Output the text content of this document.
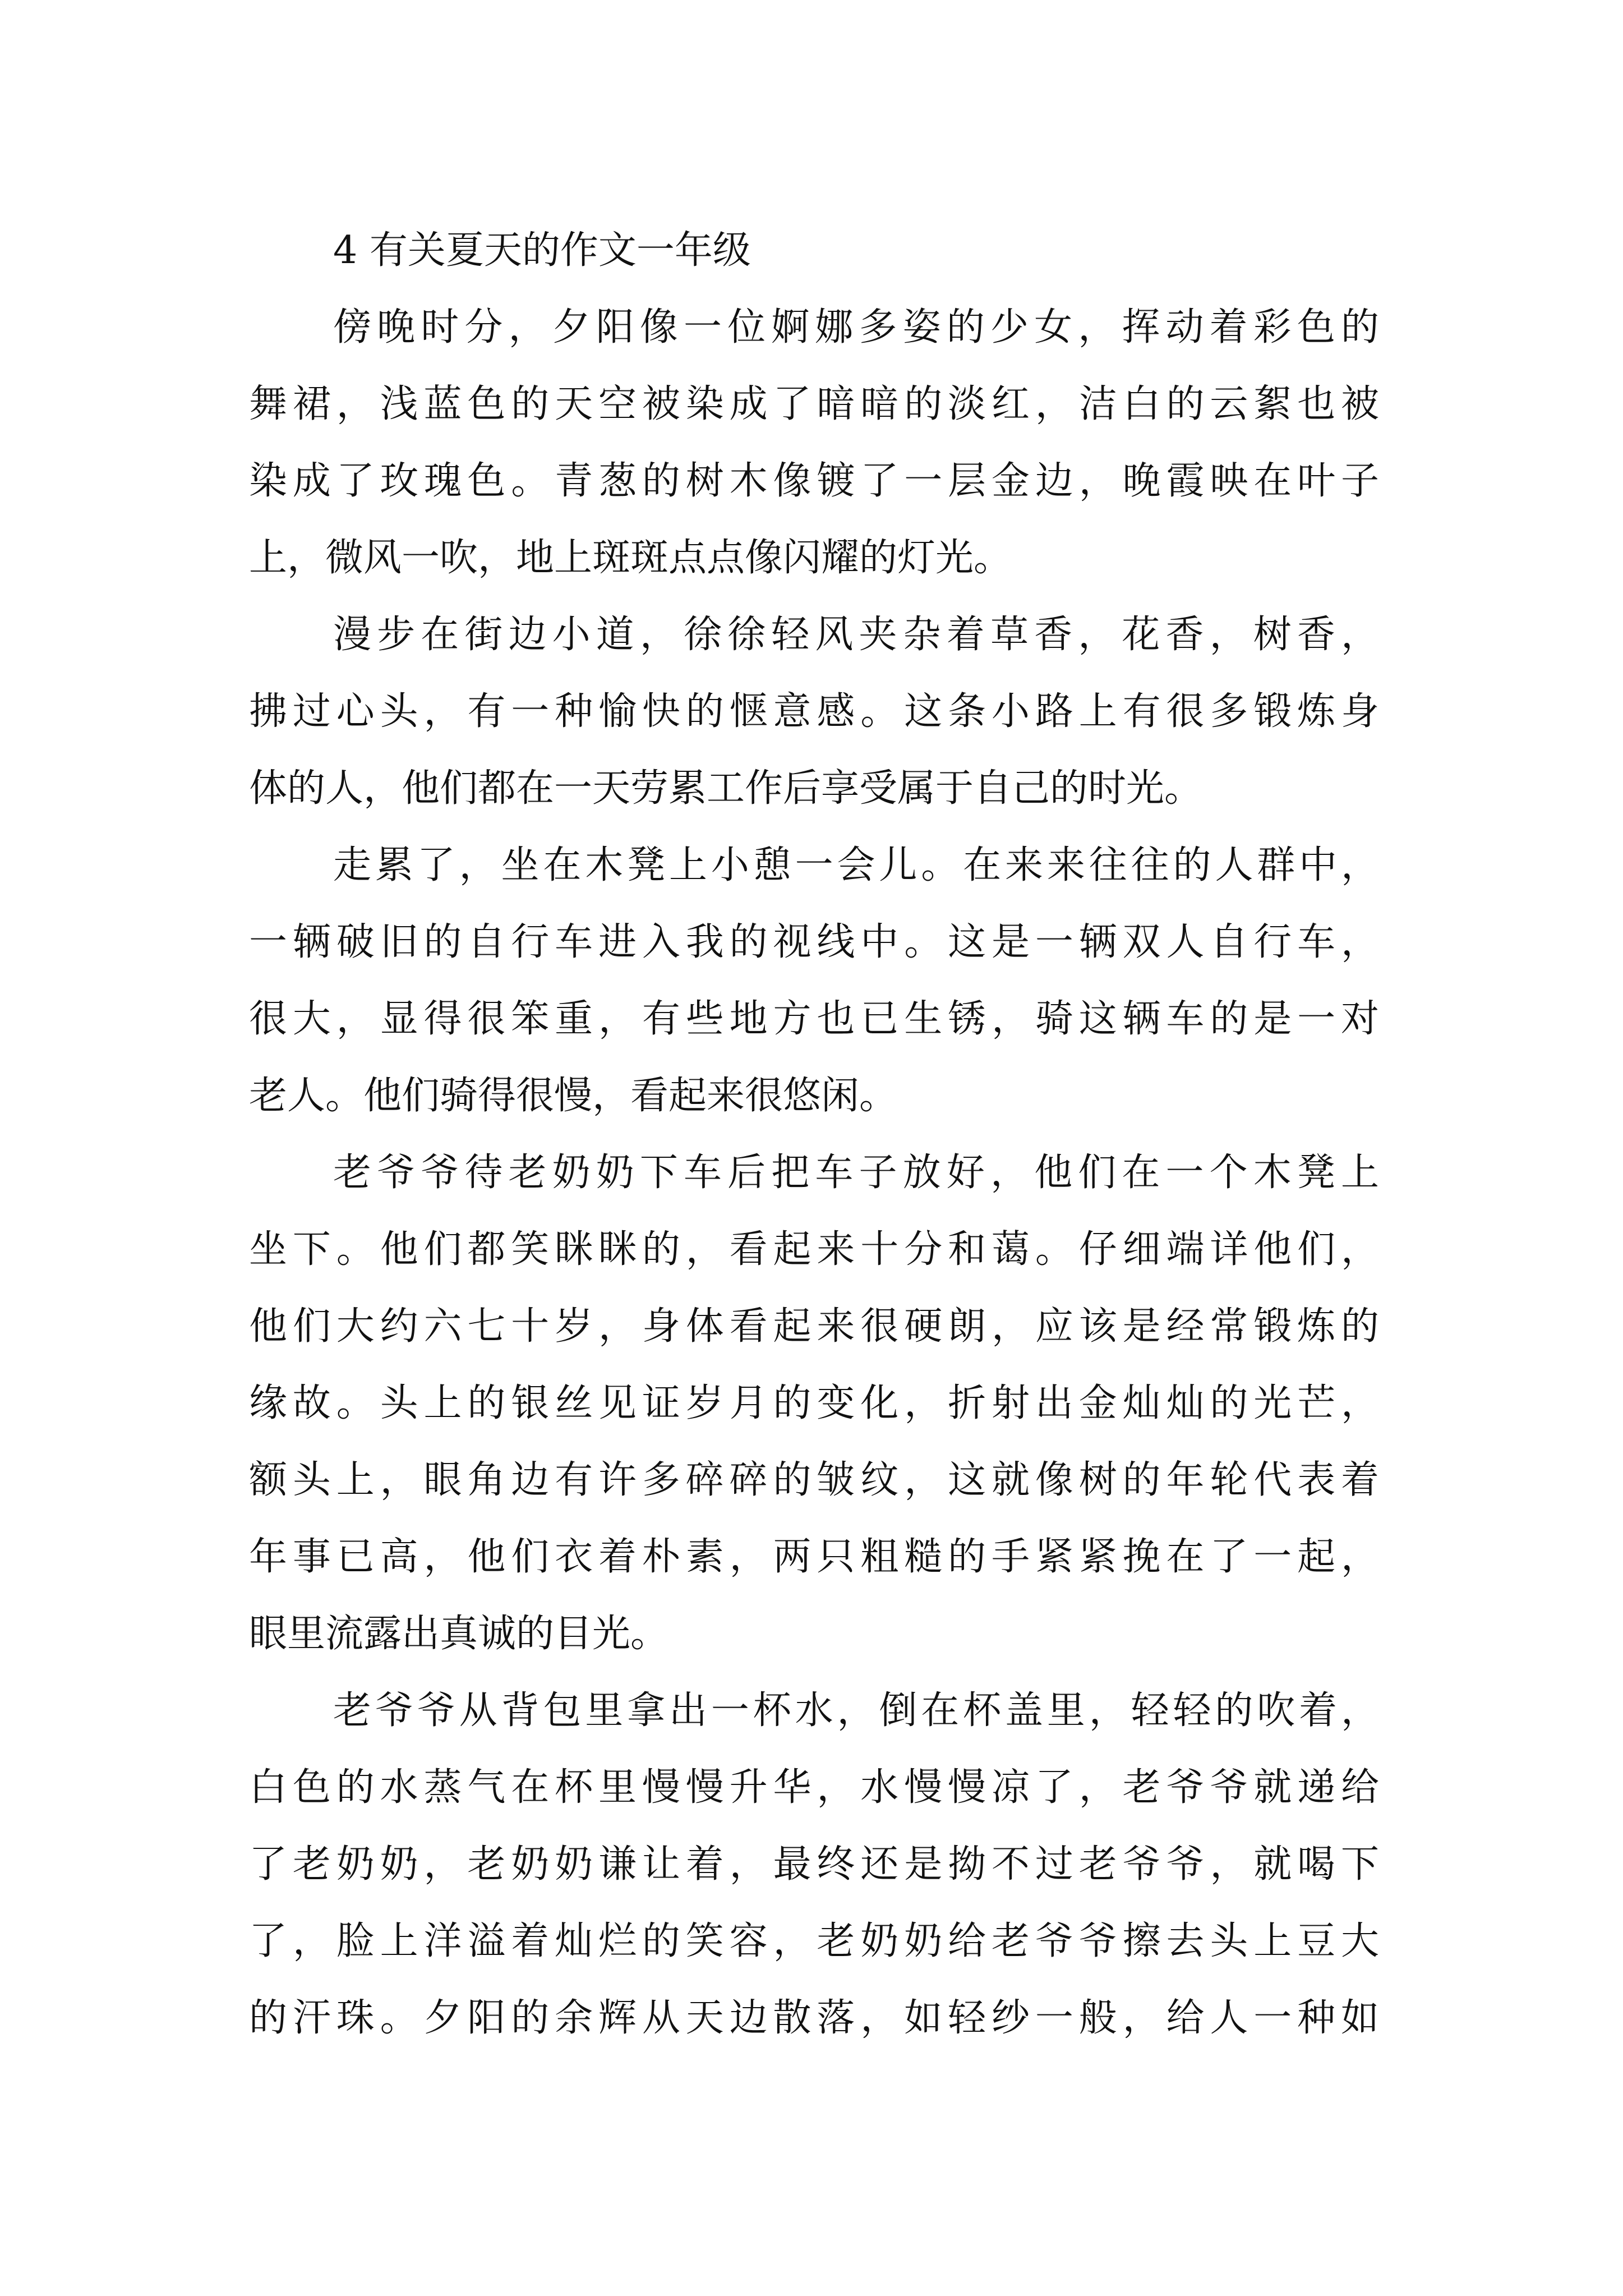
4 有关夏天的作文一年级
傍晚时分，夕阳像一位婀娜多姿的少女，挥动着彩色的
舞裙，浅蓝色的天空被染成了暗暗的淡红，洁白的云絮也被
染成了玫瑰色。青葱的树木像镀了一层金边，晚霞映在叶子
上，微风一吹，地上斑斑点点像闪耀的灯光。
漫步在街边小道，徐徐轻风夹杂着草香，花香，树香，
拂过心头，有一种愉快的惬意感。这条小路上有很多锻炼身
体的人，他们都在一天劳累工作后享受属于自己的时光。
走累了，坐在木凳上小憩一会儿。在来来往往的人群中，
一辆破旧的自行车进入我的视线中。这是一辆双人自行车，
很大，显得很笨重，有些地方也已生锈，骑这辆车的是一对
老人。他们骑得很慢，看起来很悠闲。
老爷爷待老奶奶下车后把车子放好，他们在一个木凳上
坐下。他们都笑眯眯的，看起来十分和蔼。仔细端详他们，
他们大约六七十岁，身体看起来很硬朗，应该是经常锻炼的
缘故。头上的银丝见证岁月的变化，折射出金灿灿的光芒，
额头上，眼角边有许多碎碎的皱纹，这就像树的年轮代表着
年事已高，他们衣着朴素，两只粗糙的手紧紧挽在了一起，
眼里流露出真诚的目光。
老爷爷从背包里拿出一杯水，倒在杯盖里，轻轻的吹着，
白色的水蒸气在杯里慢慢升华，水慢慢凉了，老爷爷就递给
了老奶奶，老奶奶谦让着，最终还是拗不过老爷爷，就喝下
了，脸上洋溢着灿烂的笑容，老奶奶给老爷爷擦去头上豆大
的汗珠。夕阳的余辉从天边散落，如轻纱一般，给人一种如
